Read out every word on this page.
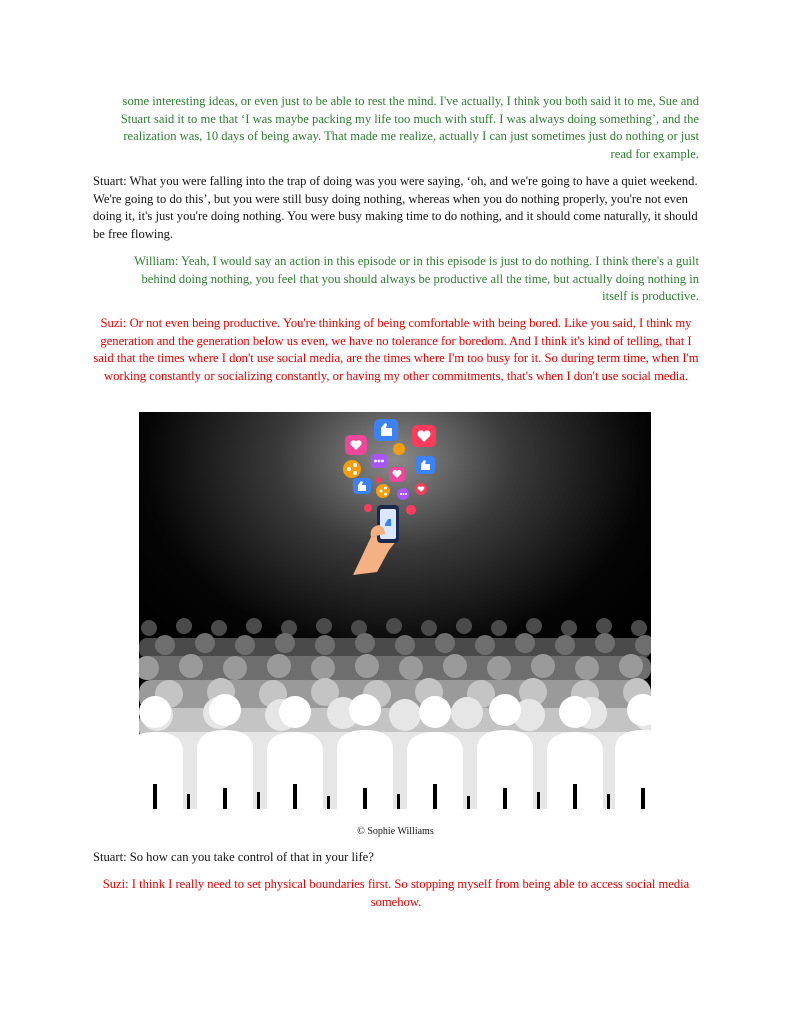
some interesting ideas, or even just to be able to rest the mind. I've actually, I think you both said it to me, Sue and Stuart said it to me that ‘I was maybe packing my life too much with stuff. I was always doing something’, and the realization was, 10 days of being away. That made me realize, actually I can just sometimes just do nothing or just read for example.

Stuart: What you were falling into the trap of doing was you were saying, ‘oh, and we're going to have a quiet weekend. We're going to do this’, but you were still busy doing nothing, whereas when you do nothing properly, you're not even doing it, it's just you're doing nothing. You were busy making time to do nothing, and it should come naturally, it should be free flowing.

William: Yeah, I would say an action in this episode or in this episode is just to do nothing. I think there's a guilt behind doing nothing, you feel that you should always be productive all the time, but actually doing nothing in itself is productive.

Suzi: Or not even being productive. You're thinking of being comfortable with being bored. Like you said, I think my generation and the generation below us even, we have no tolerance for boredom. And I think it's kind of telling, that I said that the times where I don't use social media, are the times where I'm too busy for it. So during term time, when I'm working constantly or socializing constantly, or having my other commitments, that's when I don't use social media.

© Sophie Williams

Stuart: So how can you take control of that in your life?

Suzi: I think I really need to set physical boundaries first. So stopping myself from being able to access social media somehow.
